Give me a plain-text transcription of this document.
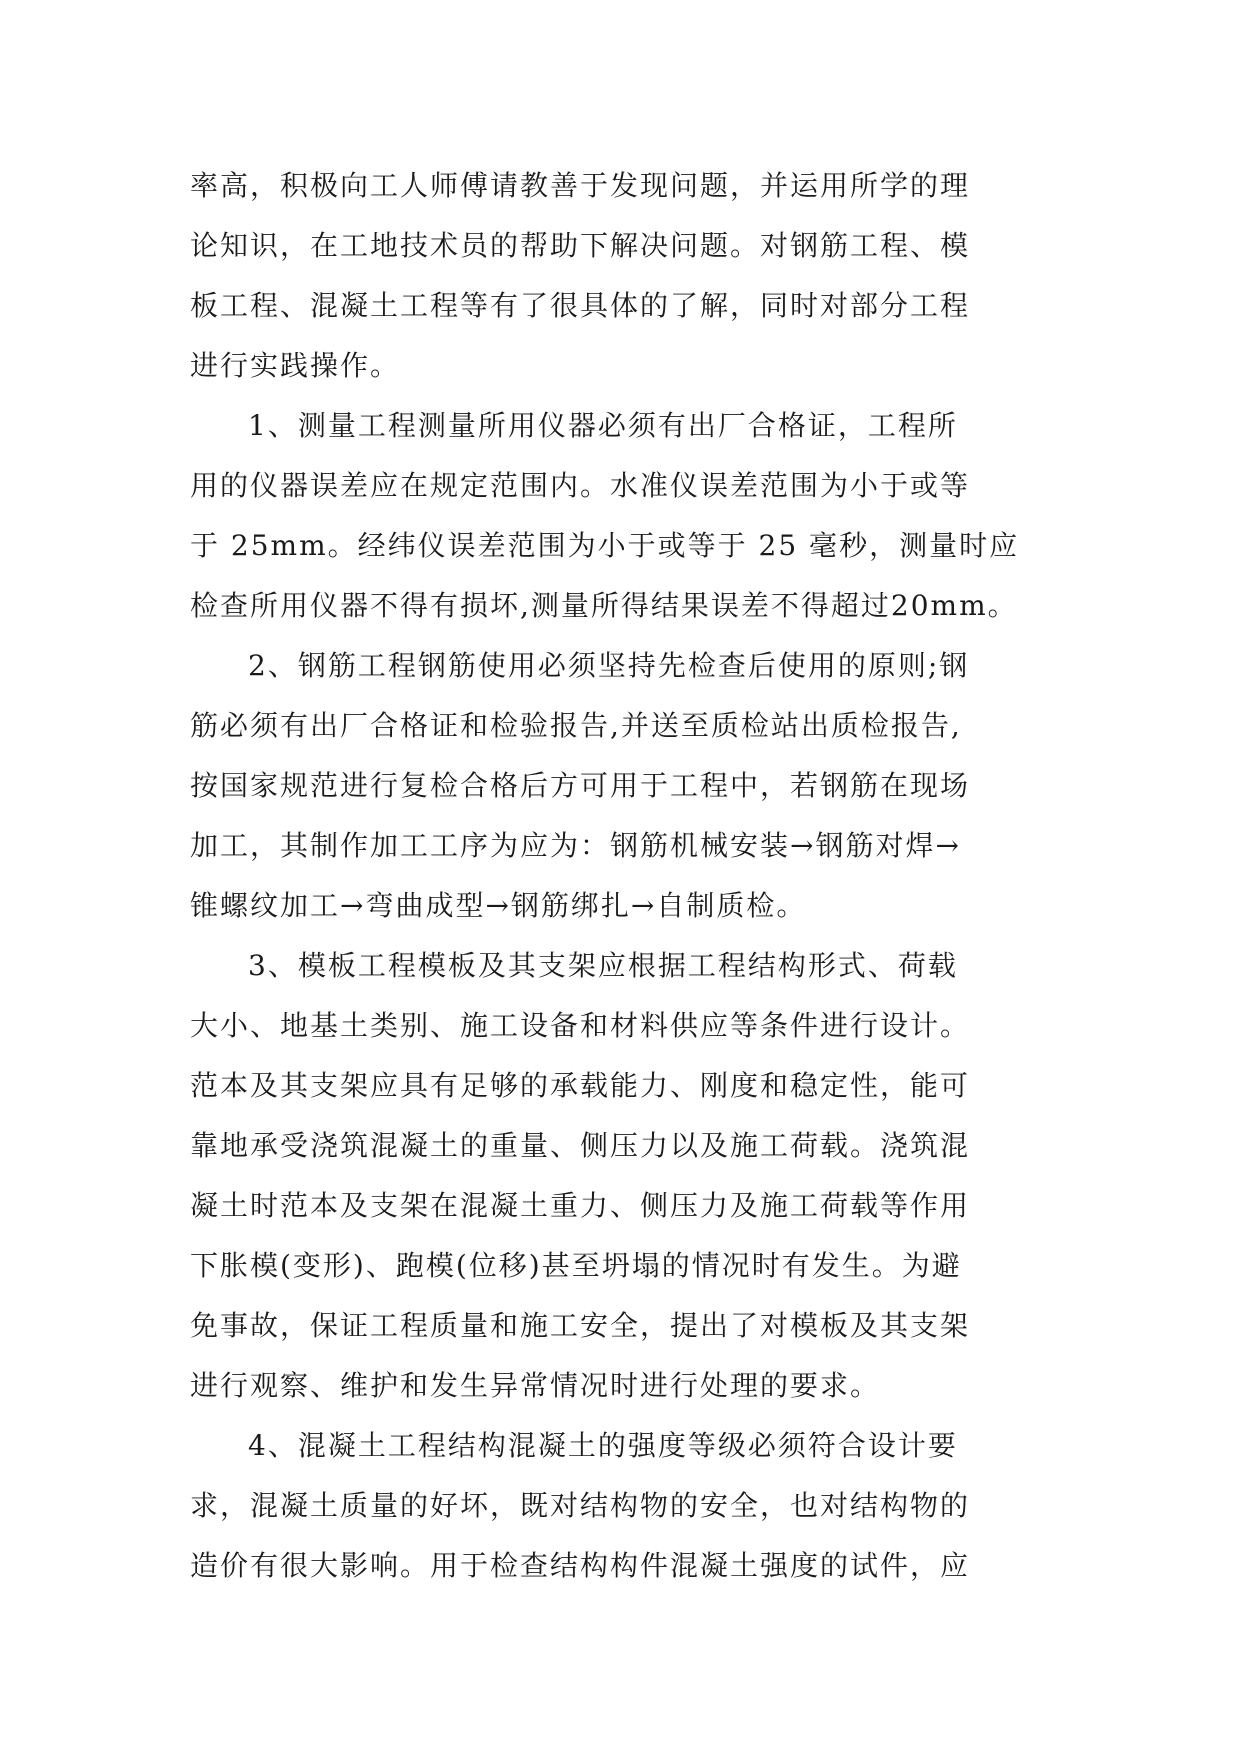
率高，积极向工人师傅请教善于发现问题，并运用所学的理
论知识，在工地技术员的帮助下解决问题。对钢筋工程、模
板工程、混凝土工程等有了很具体的了解，同时对部分工程
进行实践操作。
1、测量工程测量所用仪器必须有出厂合格证，工程所
用的仪器误差应在规定范围内。水准仪误差范围为小于或等
于 25mm。经纬仪误差范围为小于或等于 25 毫秒，测量时应
检查所用仪器不得有损坏,测量所得结果误差不得超过20mm。
2、钢筋工程钢筋使用必须坚持先检查后使用的原则;钢
筋必须有出厂合格证和检验报告,并送至质检站出质检报告,
按国家规范进行复检合格后方可用于工程中，若钢筋在现场
加工，其制作加工工序为应为：钢筋机械安装→钢筋对焊→
锥螺纹加工→弯曲成型→钢筋绑扎→自制质检。
3、模板工程模板及其支架应根据工程结构形式、荷载
大小、地基土类别、施工设备和材料供应等条件进行设计。
范本及其支架应具有足够的承载能力、刚度和稳定性，能可
靠地承受浇筑混凝土的重量、侧压力以及施工荷载。浇筑混
凝土时范本及支架在混凝土重力、侧压力及施工荷载等作用
下胀模(变形)、跑模(位移)甚至坍塌的情况时有发生。为避
免事故，保证工程质量和施工安全，提出了对模板及其支架
进行观察、维护和发生异常情况时进行处理的要求。
4、混凝土工程结构混凝土的强度等级必须符合设计要
求，混凝土质量的好坏，既对结构物的安全，也对结构物的
造价有很大影响。用于检查结构构件混凝土强度的试件，应
